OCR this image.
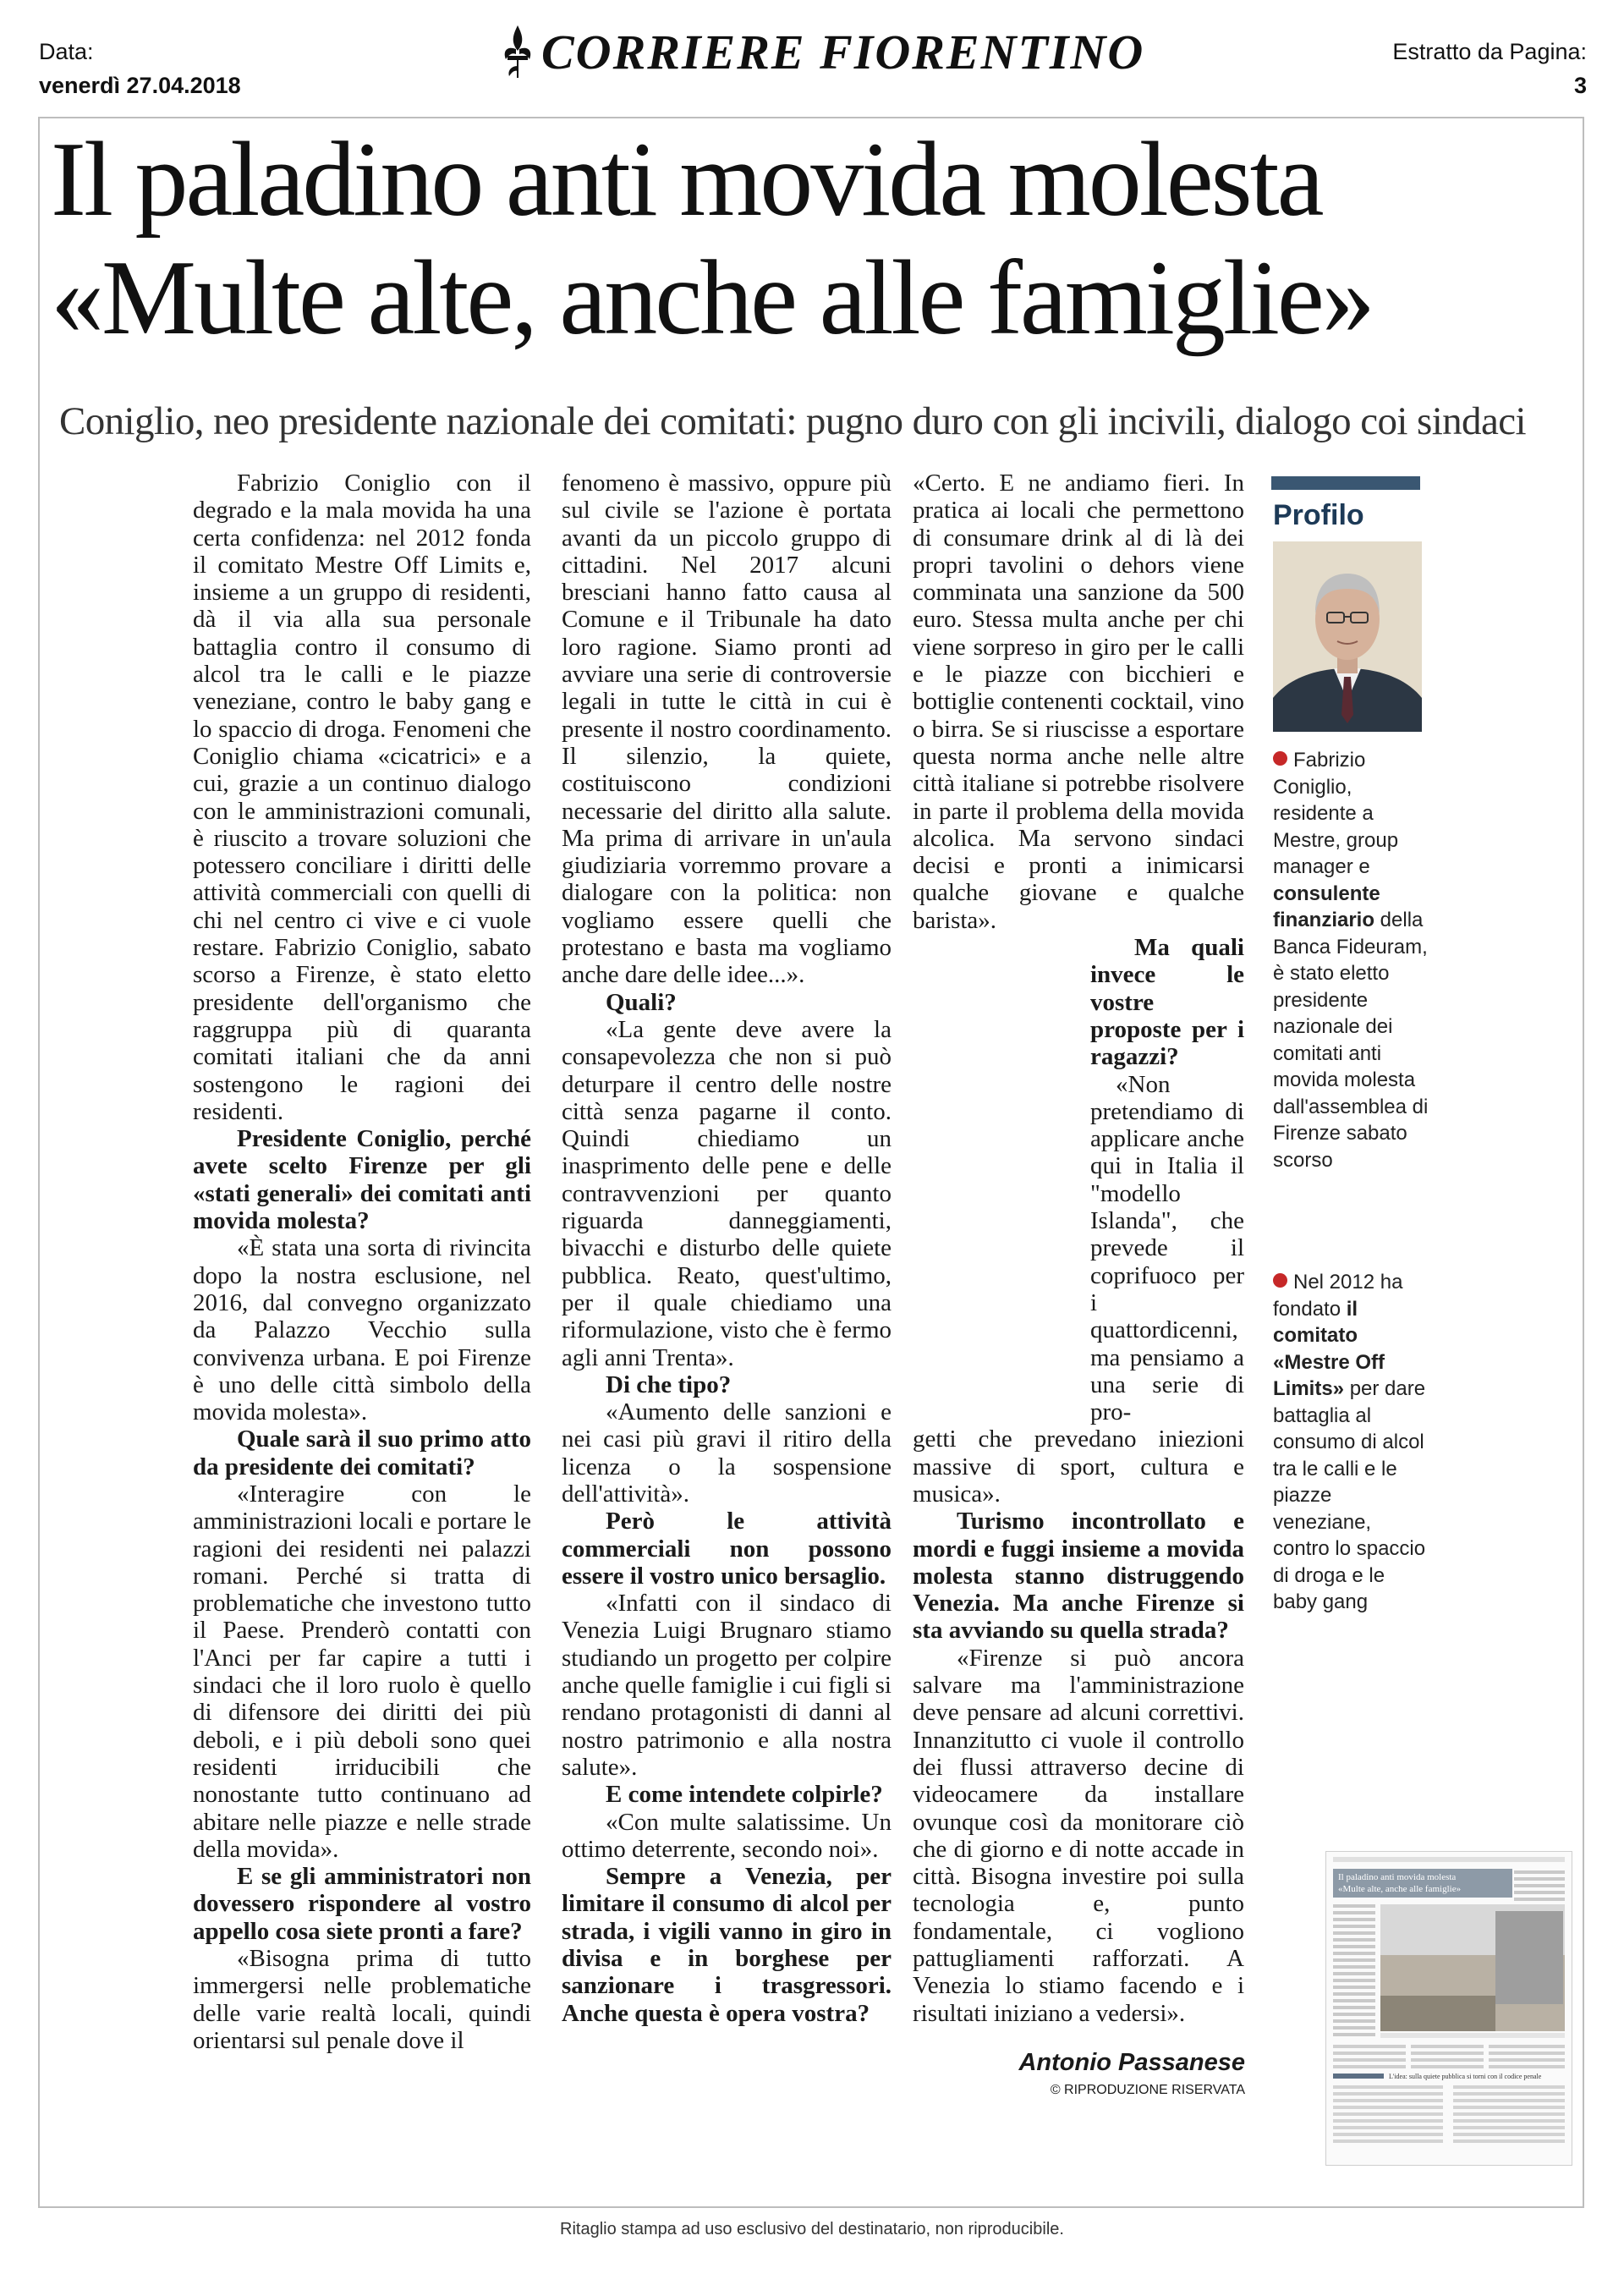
Data:
venerdì 27.04.2018
Estratto da Pagina:
3
CORRIERE FIORENTINO
Il paladino anti movida molesta
«Multe alte, anche alle famiglie»
Coniglio, neo presidente nazionale dei comitati: pugno duro con gli incivili, dialogo coi sindaci

Fabrizio Coniglio con il degrado e la mala movida ha una certa confidenza: nel 2012 fonda il comitato Mestre Off Limits e, insieme a un gruppo di residenti, dà il via alla sua personale battaglia contro il consumo di alcol tra le calli e le piazze veneziane, contro le baby gang e lo spaccio di droga. Fenomeni che Coniglio chiama «cicatrici» e a cui, grazie a un continuo dialogo con le amministrazioni comunali, è riuscito a trovare soluzioni che potessero conciliare i diritti delle attività commerciali con quelli di chi nel centro ci vive e ci vuole restare. Fabrizio Coniglio, sabato scorso a Firenze, è stato eletto presidente dell'organismo che raggruppa più di quaranta comitati italiani che da anni sostengono le ragioni dei residenti.

Presidente Coniglio, perché avete scelto Firenze per gli «stati generali» dei comitati anti movida molesta?

«È stata una sorta di rivincita dopo la nostra esclusione, nel 2016, dal convegno organizzato da Palazzo Vecchio sulla convivenza urbana. E poi Firenze è uno delle città simbolo della movida molesta».

Quale sarà il suo primo atto da presidente dei comitati?

«Interagire con le amministrazioni locali e portare le ragioni dei residenti nei palazzi romani. Perché si tratta di problematiche che investono tutto il Paese. Prenderò contatti con l'Anci per far capire a tutti i sindaci che il loro ruolo è quello di difensore dei diritti dei più deboli, e i più deboli sono quei residenti irriducibili che nonostante tutto continuano ad abitare nelle piazze e nelle strade della movida».

E se gli amministratori non dovessero rispondere al vostro appello cosa siete pronti a fare?

«Bisogna prima di tutto immergersi nelle problematiche delle varie realtà locali, quindi orientarsi sul penale dove il

fenomeno è massivo, oppure più sul civile se l'azione è portata avanti da un piccolo gruppo di cittadini. Nel 2017 alcuni bresciani hanno fatto causa al Comune e il Tribunale ha dato loro ragione. Siamo pronti ad avviare una serie di controversie legali in tutte le città in cui è presente il nostro coordinamento. Il silenzio, la quiete, costituiscono condizioni necessarie del diritto alla salute. Ma prima di arrivare in un'aula giudiziaria vorremmo provare a dialogare con la politica: non vogliamo essere quelli che protestano e basta ma vogliamo anche dare delle idee...».

Quali?

«La gente deve avere la consapevolezza che non si può deturpare il centro delle nostre città senza pagarne il conto. Quindi chiediamo un inasprimento delle pene e delle contravvenzioni per quanto riguarda danneggiamenti, bivacchi e disturbo delle quiete pubblica. Reato, quest'ultimo, per il quale chiediamo una riformulazione, visto che è fermo agli anni Trenta».

Di che tipo?

«Aumento delle sanzioni e nei casi più gravi il ritiro della licenza o la sospensione dell'attività».

Però le attività commerciali non possono essere il vostro unico bersaglio.

«Infatti con il sindaco di Venezia Luigi Brugnaro stiamo studiando un progetto per colpire anche quelle famiglie i cui figli si rendano protagonisti di danni al nostro patrimonio e alla nostra salute».

E come intendete colpirle?

«Con multe salatissime. Un ottimo deterrente, secondo noi».

Sempre a Venezia, per limitare il consumo di alcol per strada, i vigili vanno in giro in divisa e in borghese per sanzionare i trasgressori. Anche questa è opera vostra?

«Certo. E ne andiamo fieri. In pratica ai locali che permettono di consumare drink al di là dei propri tavolini o dehors viene comminata una sanzione da 500 euro. Stessa multa anche per chi viene sorpreso in giro per le calli e le piazze con bicchieri e bottiglie contenenti cocktail, vino o birra. Se si riuscisse a esportare questa norma anche nelle altre città italiane si potrebbe risolvere in parte il problema della movida alcolica. Ma servono sindaci decisi e pronti a inimicarsi qualche giovane e qualche barista».

Ma quali invece le vostre proposte per i ragazzi?

«Non pretendiamo di applicare anche qui in Italia il "modello Islanda", che prevede il coprifuoco per i quattordicenni, ma pensiamo a una serie di pro-

getti che prevedano iniezioni massive di sport, cultura e musica».

Turismo incontrollato e mordi e fuggi insieme a movida molesta stanno distruggendo Venezia. Ma anche Firenze si sta avviando su quella strada?

«Firenze si può ancora salvare ma l'amministrazione deve pensare ad alcuni correttivi. Innanzitutto ci vuole il controllo dei flussi attraverso decine di videocamere da installare ovunque così da monitorare ciò che di giorno e di notte accade in città. Bisogna investire poi sulla tecnologia e, punto fondamentale, ci vogliono pattugliamenti rafforzati. A Venezia lo stiamo facendo e i risultati iniziano a vedersi».

Antonio Passanese
© RIPRODUZIONE RISERVATA
Profilo
Fabrizio Coniglio, residente a Mestre, group manager e consulente finanziario della Banca Fideuram, è stato eletto presidente nazionale dei comitati anti movida molesta dall'assemblea di Firenze sabato scorso
Nel 2012 ha fondato il comitato «Mestre Off Limits» per dare battaglia al consumo di alcol tra le calli e le piazze veneziane, contro lo spaccio di droga e le baby gang
Il paladino anti movida molesta
«Multe alte, anche alle famiglie»
L'idea: sulla quiete pubblica si torni con il codice penale
Ritaglio stampa ad uso esclusivo del destinatario, non riproducibile.
